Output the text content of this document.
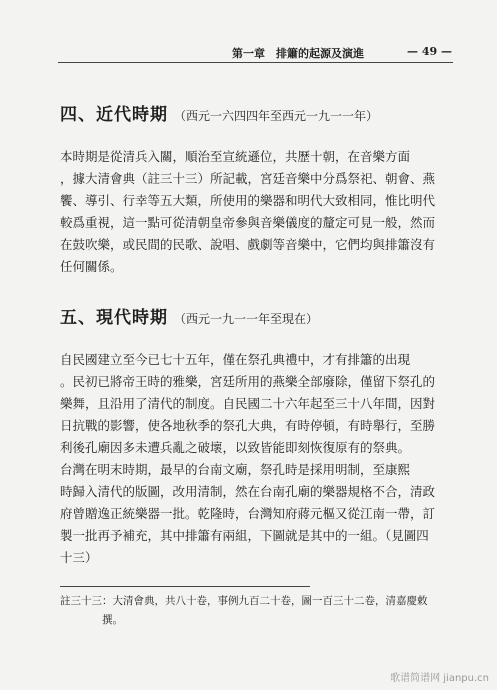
第一章　排簫的起源及演進	— 49 —
四、近代時期 （西元一六四四年至西元一九一一年）
本時期是從清兵入關，順治至宣統遜位，共歷十朝，在音樂方面
，據大清會典（註三十三）所記載，宮廷音樂中分爲祭祀、朝會、燕
饗、導引、行幸等五大類，所使用的樂器和明代大致相同，惟比明代
較爲重視，這一點可從清朝皇帝參與音樂儀度的釐定可見一般，然而
在鼓吹樂，或民間的民歌、說唱、戲劇等音樂中，它們均與排簫沒有
任何關係。
五、現代時期 （西元一九一一年至現在）
自民國建立至今已七十五年，僅在祭孔典禮中，才有排簫的出現
。民初已將帝王時的雅樂，宮廷所用的燕樂全部廢除，僅留下祭孔的
樂舞，且沿用了清代的制度。自民國二十六年起至三十八年間，因對
日抗戰的影響，使各地秋季的祭孔大典，有時停頓，有時舉行，至勝
利後孔廟因多未遭兵亂之破壞，以致皆能即刻恢復原有的祭典。
台灣在明末時期，最早的台南文廟，祭孔時是採用明制，至康熙
時歸入清代的版圖，改用清制，然在台南孔廟的樂器規格不合，清政
府曾贈逸正統樂器一批。乾隆時，台灣知府蔣元樞又從江南一帶，訂
製一批再予補充，其中排簫有兩組，下圖就是其中的一組。（見圖四
十三）
註三十三：大清會典，共八十卷，事例九百二十卷，圖一百三十二卷，清嘉慶敕
　　　　撰。
歌谱简谱网 jianpu.cn
